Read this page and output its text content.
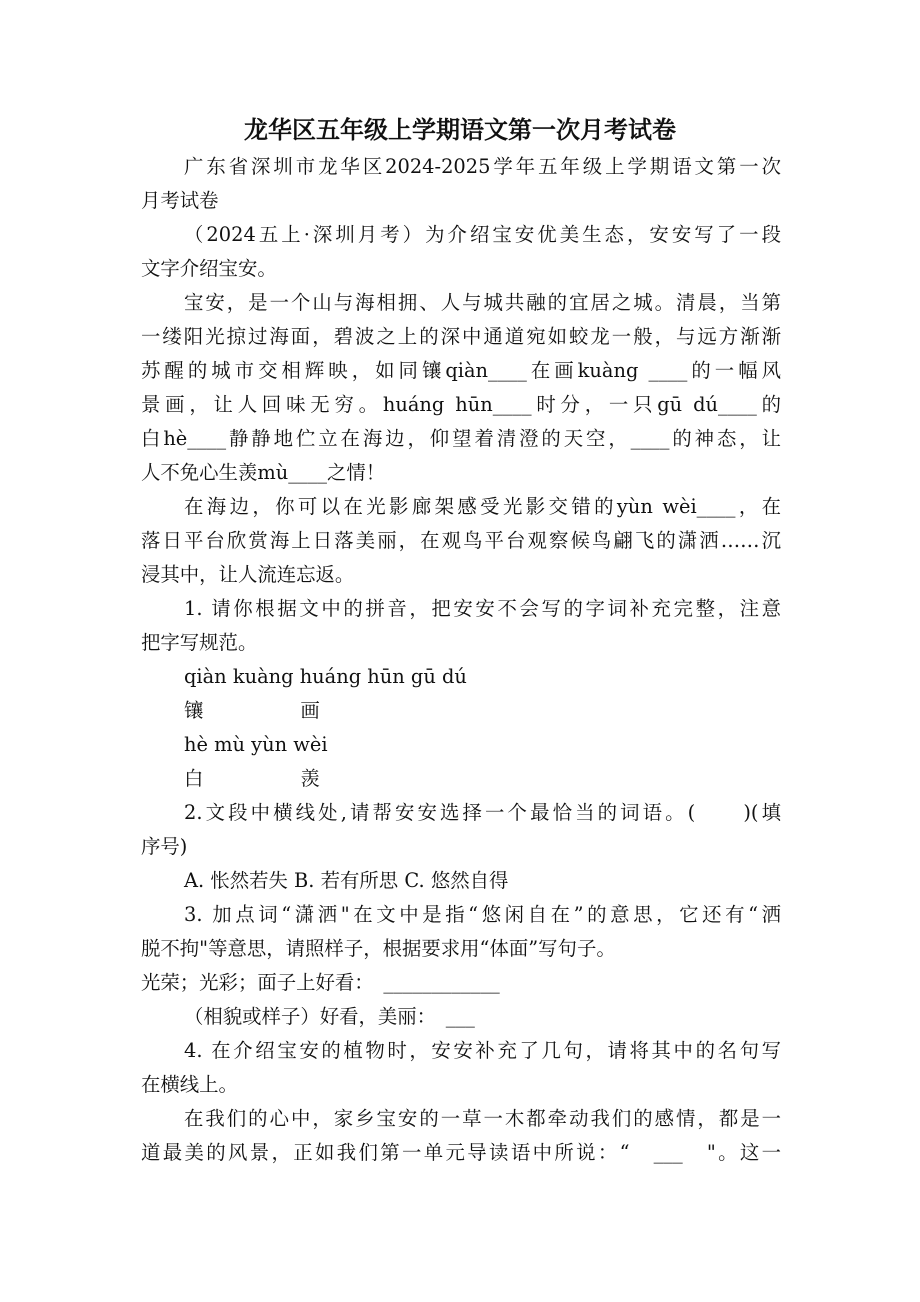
龙华区五年级上学期语文第一次月考试卷

广东省深圳市龙华区2024-2025学年五年级上学期语文第一次

月考试卷

（2024五上·深圳月考）为介绍宝安优美生态，安安写了一段

文字介绍宝安。

宝安，是一个山与海相拥、人与城共融的宜居之城。清晨，当第

一缕阳光掠过海面，碧波之上的深中通道宛如蛟龙一般，与远方渐渐

苏醒的城市交相辉映，如同镶qiàn____在画kuàng ____的一幅风

景画，让人回味无穷。huáng hūn____时分，一只gū dú____的

白hè____静静地伫立在海边，仰望着清澄的天空，____的神态，让

人不免心生羡mù____之情！

在海边，你可以在光影廊架感受光影交错的yùn wèi____，在

落日平台欣赏海上日落美丽，在观鸟平台观察候鸟翩飞的潇洒……沉

浸其中，让人流连忘返。

1. 请你根据文中的拼音，把安安不会写的字词补充完整，注意

把字写规范。

qiàn kuàng huáng hūn gū dú

镶　　　　　画

hè mù yùn wèi

白　　　　　羡

2.文段中横线处,请帮安安选择一个最恰当的词语。(　　)(填

序号)

A. 怅然若失 B. 若有所思 C. 悠然自得

3. 加点词“潇洒"在文中是指“悠闲自在”的意思，它还有“洒

脱不拘"等意思，请照样子，根据要求用“体面”写句子。

光荣；光彩；面子上好看：　____________

（相貌或样子）好看，美丽：　___

4. 在介绍宝安的植物时，安安补充了几句，请将其中的名句写

在横线上。

在我们的心中，家乡宝安的一草一木都牵动我们的感情，都是一

道最美的风景，正如我们第一单元导读语中所说：“　___　"。这一
